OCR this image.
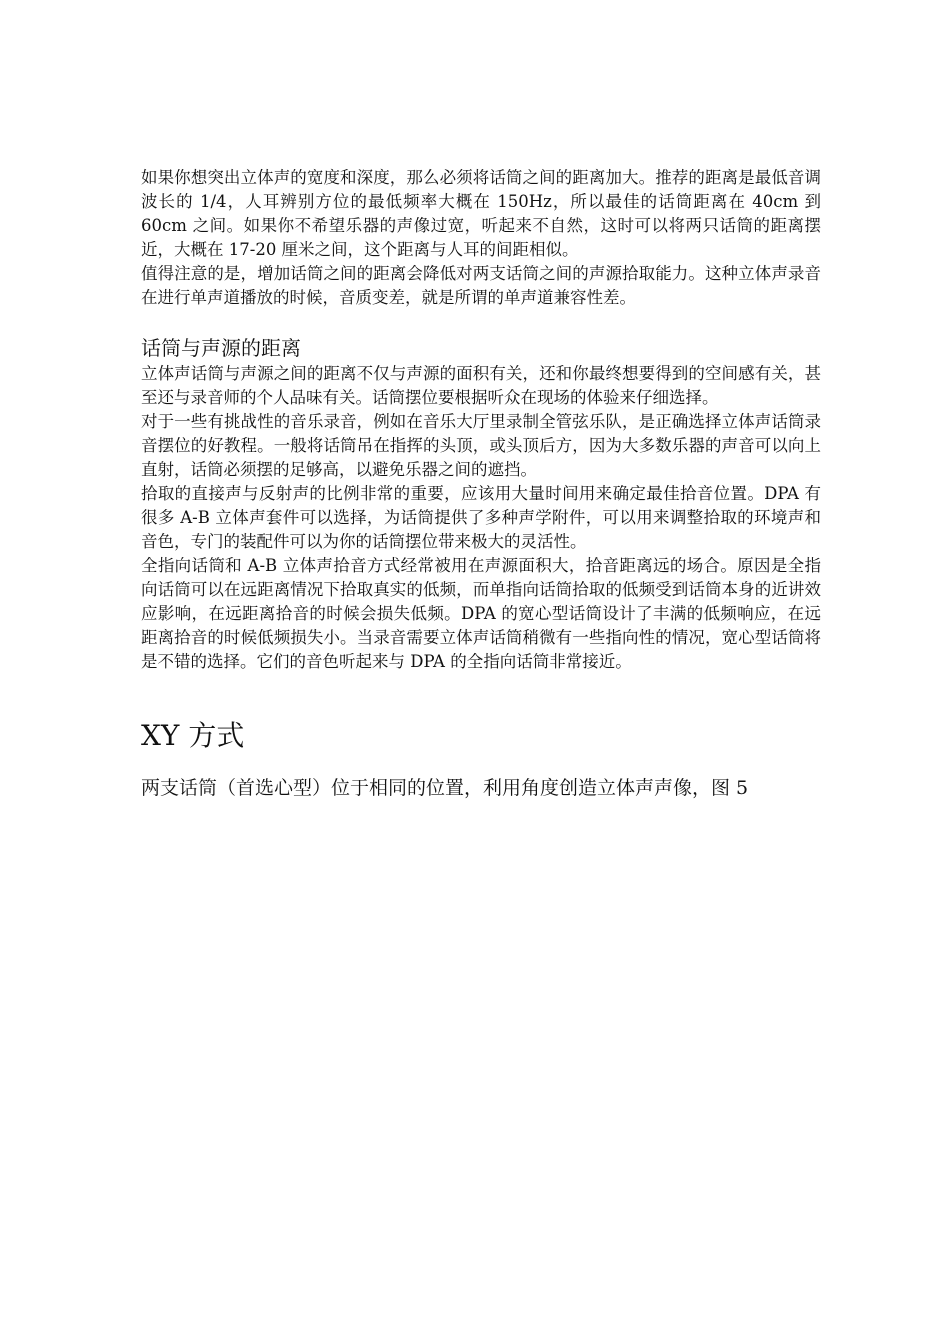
如果你想突出立体声的宽度和深度，那么必须将话筒之间的距离加大。推荐的距离是最低音调波长的 1/4，人耳辨别方位的最低频率大概在 150Hz，所以最佳的话筒距离在 40cm 到 60cm 之间。如果你不希望乐器的声像过宽，听起来不自然，这时可以将两只话筒的距离摆近，大概在 17-20 厘米之间，这个距离与人耳的间距相似。

值得注意的是，增加话筒之间的距离会降低对两支话筒之间的声源拾取能力。这种立体声录音在进行单声道播放的时候，音质变差，就是所谓的单声道兼容性差。

话筒与声源的距离

立体声话筒与声源之间的距离不仅与声源的面积有关，还和你最终想要得到的空间感有关，甚至还与录音师的个人品味有关。话筒摆位要根据听众在现场的体验来仔细选择。

对于一些有挑战性的音乐录音，例如在音乐大厅里录制全管弦乐队，是正确选择立体声话筒录音摆位的好教程。一般将话筒吊在指挥的头顶，或头顶后方，因为大多数乐器的声音可以向上直射，话筒必须摆的足够高，以避免乐器之间的遮挡。

拾取的直接声与反射声的比例非常的重要，应该用大量时间用来确定最佳拾音位置。DPA 有很多 A-B 立体声套件可以选择，为话筒提供了多种声学附件，可以用来调整拾取的环境声和音色，专门的装配件可以为你的话筒摆位带来极大的灵活性。

全指向话筒和 A-B 立体声拾音方式经常被用在声源面积大，拾音距离远的场合。原因是全指向话筒可以在远距离情况下拾取真实的低频，而单指向话筒拾取的低频受到话筒本身的近讲效应影响，在远距离拾音的时候会损失低频。DPA 的宽心型话筒设计了丰满的低频响应，在远距离拾音的时候低频损失小。当录音需要立体声话筒稍微有一些指向性的情况，宽心型话筒将是不错的选择。它们的音色听起来与 DPA 的全指向话筒非常接近。

XY 方式

两支话筒（首选心型）位于相同的位置，利用角度创造立体声声像，图 5
